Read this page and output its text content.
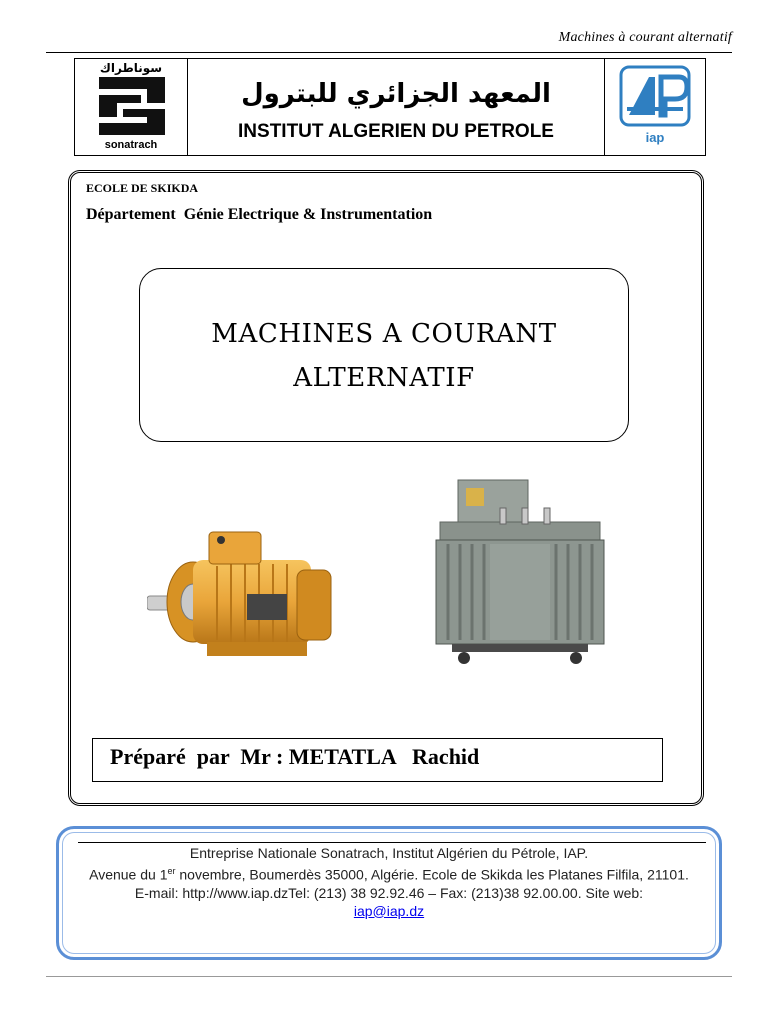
Machines à courant alternatif
سوناطراك
sonatrach
المعهد الجزائري للبترول
INSTITUT ALGERIEN DU PETROLE	iap
ECOLE DE SKIKDA
Département  Génie Electrique & Instrumentation
MACHINES A COURANT
ALTERNATIF
Préparé  par  Mr : METATLA   Rachid
Entreprise Nationale Sonatrach, Institut Algérien du Pétrole, IAP.
Avenue du 1er novembre, Boumerdès 35000, Algérie. Ecole de Skikda les Platanes Filfila, 21101.
E-mail: http://www.iap.dzTel: (213) 38 92.92.46 – Fax: (213)38 92.00.00. Site web:
iap@iap.dz
